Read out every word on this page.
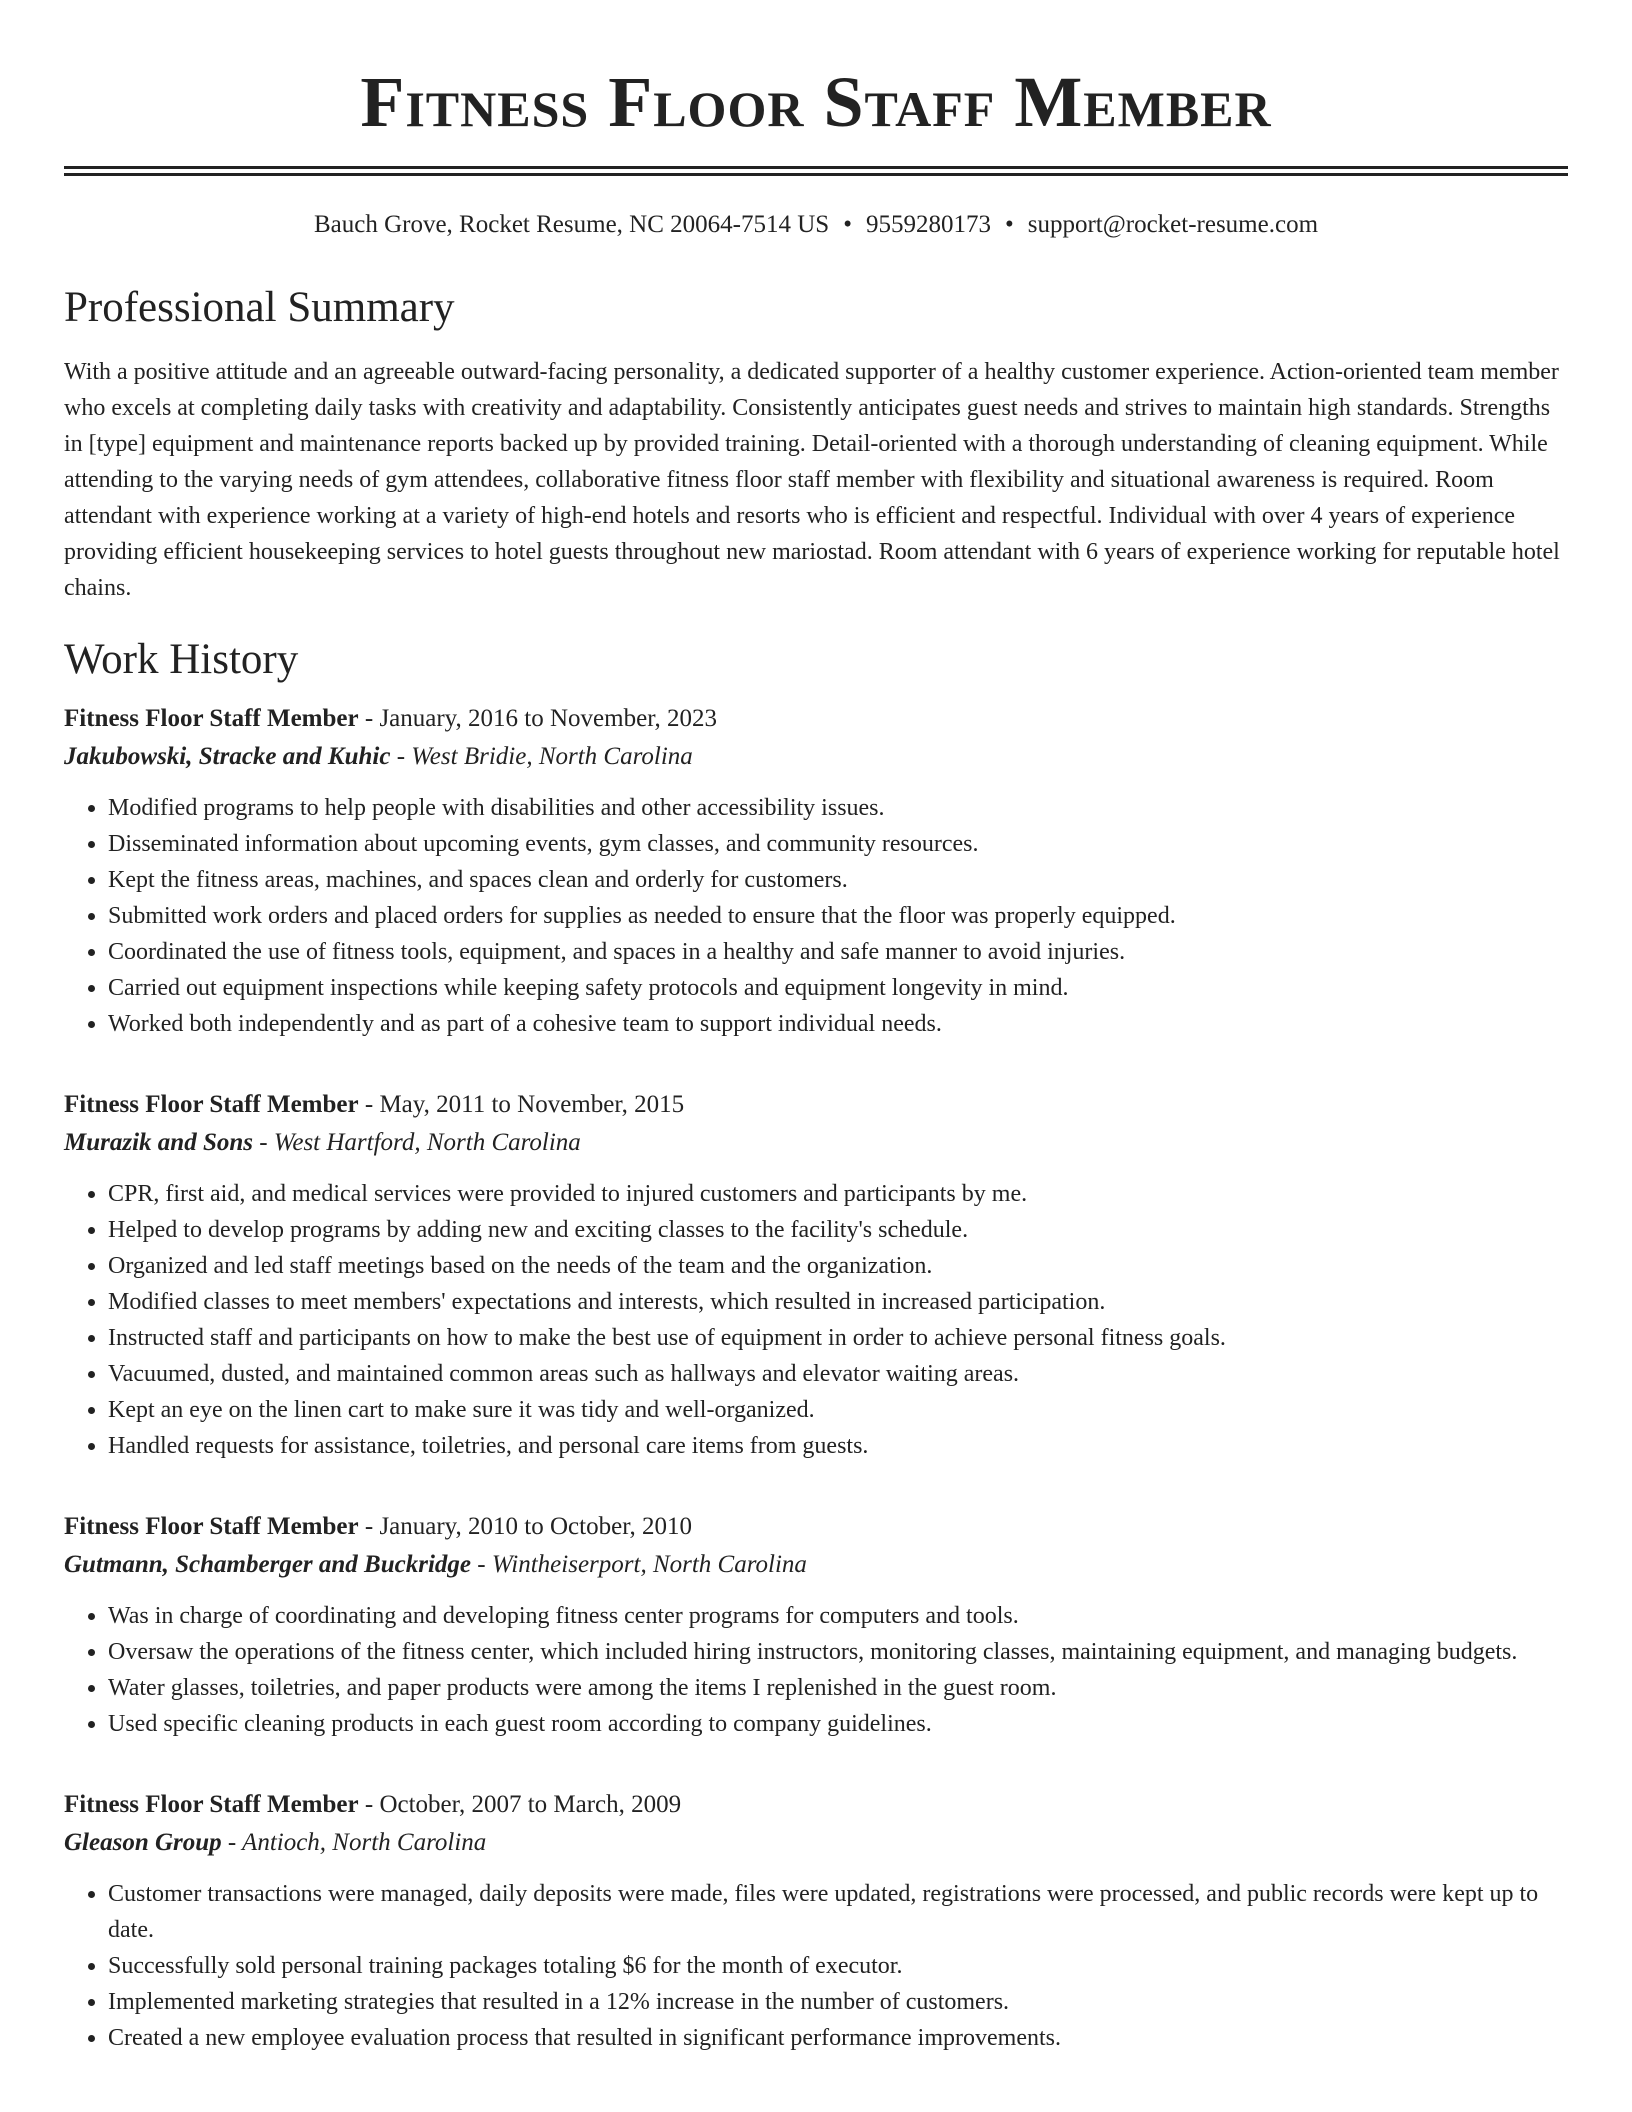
Fitness Floor Staff Member
Bauch Grove, Rocket Resume, NC 20064-7514 US • 9559280173 • support@rocket-resume.com
Professional Summary

With a positive attitude and an agreeable outward-facing personality, a dedicated supporter of a healthy customer experience. Action-oriented team member who excels at completing daily tasks with creativity and adaptability. Consistently anticipates guest needs and strives to maintain high standards. Strengths in [type] equipment and maintenance reports backed up by provided training. Detail-oriented with a thorough understanding of cleaning equipment. While attending to the varying needs of gym attendees, collaborative fitness floor staff member with flexibility and situational awareness is required. Room attendant with experience working at a variety of high-end hotels and resorts who is efficient and respectful. Individual with over 4 years of experience providing efficient housekeeping services to hotel guests throughout new mariostad. Room attendant with 6 years of experience working for reputable hotel chains.

Work History
Fitness Floor Staff Member - January, 2016 to November, 2023
Jakubowski, Stracke and Kuhic - West Bridie, North Carolina
• Modified programs to help people with disabilities and other accessibility issues.
• Disseminated information about upcoming events, gym classes, and community resources.
• Kept the fitness areas, machines, and spaces clean and orderly for customers.
• Submitted work orders and placed orders for supplies as needed to ensure that the floor was properly equipped.
• Coordinated the use of fitness tools, equipment, and spaces in a healthy and safe manner to avoid injuries.
• Carried out equipment inspections while keeping safety protocols and equipment longevity in mind.
• Worked both independently and as part of a cohesive team to support individual needs.
Fitness Floor Staff Member - May, 2011 to November, 2015
Murazik and Sons - West Hartford, North Carolina
• CPR, first aid, and medical services were provided to injured customers and participants by me.
• Helped to develop programs by adding new and exciting classes to the facility's schedule.
• Organized and led staff meetings based on the needs of the team and the organization.
• Modified classes to meet members' expectations and interests, which resulted in increased participation.
• Instructed staff and participants on how to make the best use of equipment in order to achieve personal fitness goals.
• Vacuumed, dusted, and maintained common areas such as hallways and elevator waiting areas.
• Kept an eye on the linen cart to make sure it was tidy and well-organized.
• Handled requests for assistance, toiletries, and personal care items from guests.
Fitness Floor Staff Member - January, 2010 to October, 2010
Gutmann, Schamberger and Buckridge - Wintheiserport, North Carolina
• Was in charge of coordinating and developing fitness center programs for computers and tools.
• Oversaw the operations of the fitness center, which included hiring instructors, monitoring classes, maintaining equipment, and managing budgets.
• Water glasses, toiletries, and paper products were among the items I replenished in the guest room.
• Used specific cleaning products in each guest room according to company guidelines.
Fitness Floor Staff Member - October, 2007 to March, 2009
Gleason Group - Antioch, North Carolina
• Customer transactions were managed, daily deposits were made, files were updated, registrations were processed, and public records were kept up to date.
• Successfully sold personal training packages totaling $6 for the month of executor.
• Implemented marketing strategies that resulted in a 12% increase in the number of customers.
• Created a new employee evaluation process that resulted in significant performance improvements.
